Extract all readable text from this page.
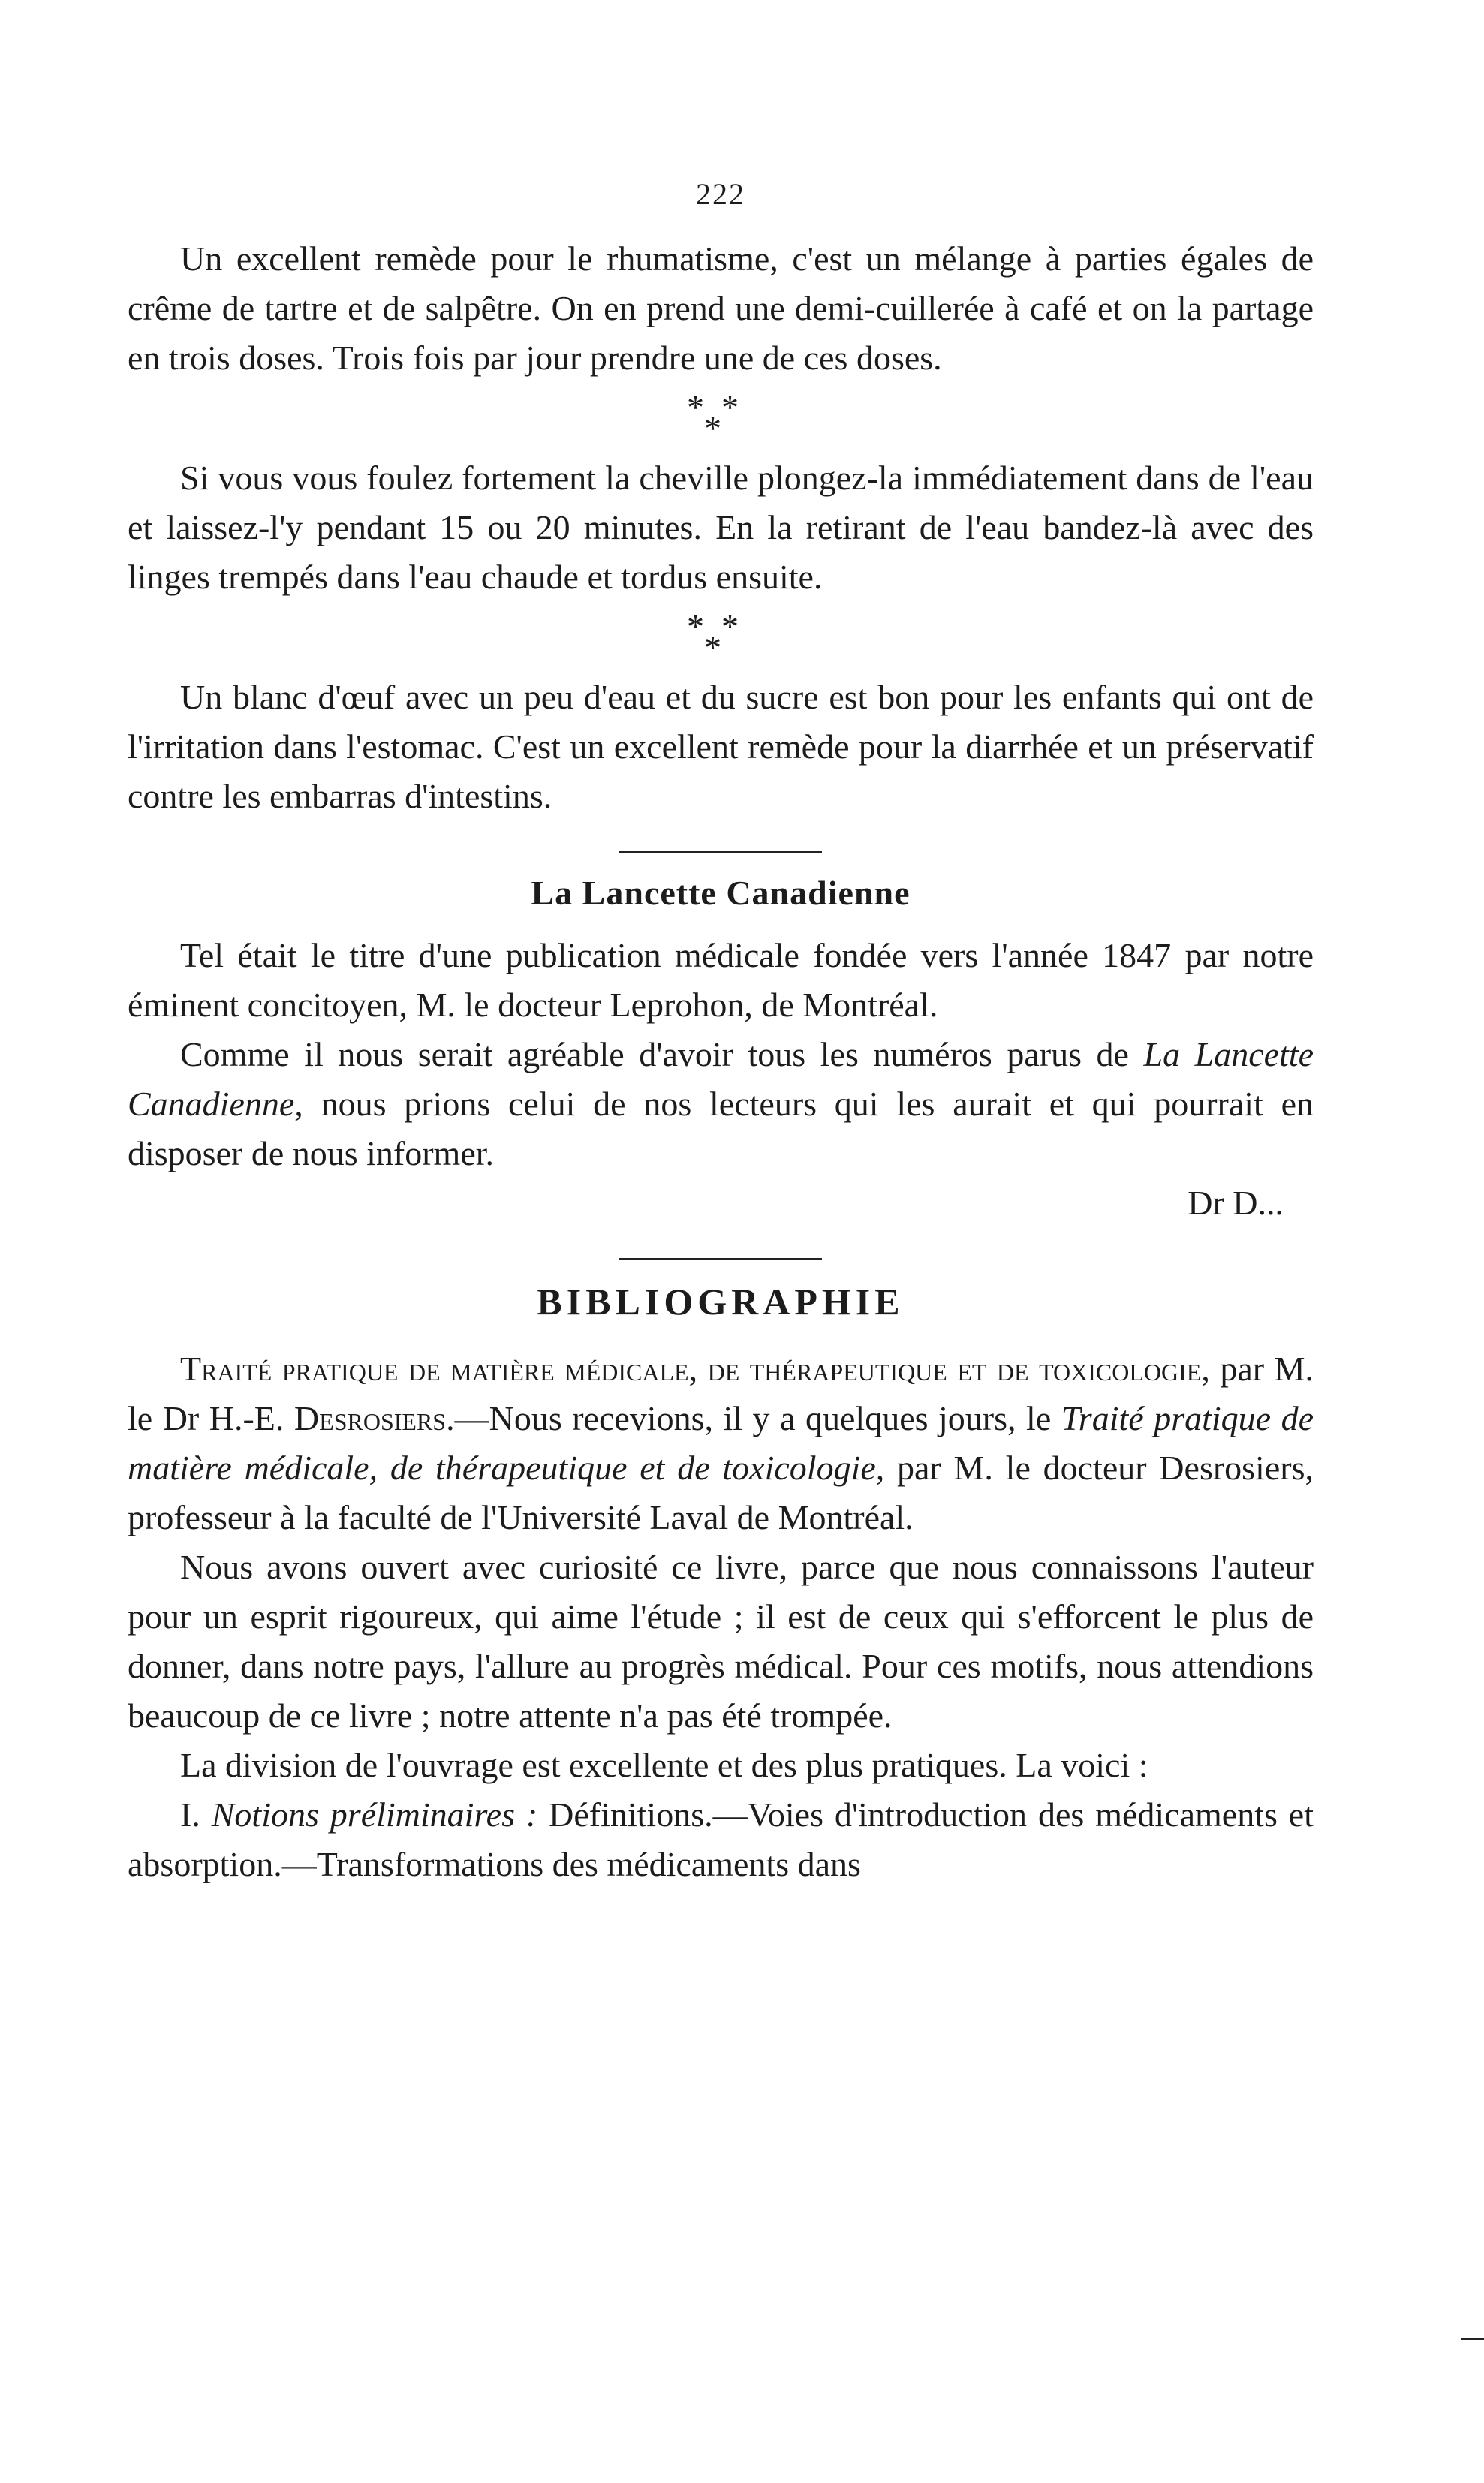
222

Un excellent remède pour le rhumatisme, c'est un mélange à parties égales de crême de tartre et de salpêtre. On en prend une demi-cuillerée à café et on la partage en trois doses. Trois fois par jour prendre une de ces doses.

* *
*

Si vous vous foulez fortement la cheville plongez-la immédiatement dans de l'eau et laissez-l'y pendant 15 ou 20 minutes. En la retirant de l'eau bandez-là avec des linges trempés dans l'eau chaude et tordus ensuite.

* *
*

Un blanc d'œuf avec un peu d'eau et du sucre est bon pour les enfants qui ont de l'irritation dans l'estomac. C'est un excellent remède pour la diarrhée et un préservatif contre les embarras d'intestins.

La Lancette Canadienne

Tel était le titre d'une publication médicale fondée vers l'année 1847 par notre éminent concitoyen, M. le docteur Leprohon, de Montréal.

Comme il nous serait agréable d'avoir tous les numéros parus de La Lancette Canadienne, nous prions celui de nos lecteurs qui les aurait et qui pourrait en disposer de nous informer.

Dr D...
BIBLIOGRAPHIE

Traité pratique de matière médicale, de thérapeutique et de toxicologie, par M. le Dr H.-E. Desrosiers.—Nous recevions, il y a quelques jours, le Traité pratique de matière médicale, de thérapeutique et de toxicologie, par M. le docteur Desrosiers, professeur à la faculté de l'Université Laval de Montréal.

Nous avons ouvert avec curiosité ce livre, parce que nous connaissons l'auteur pour un esprit rigoureux, qui aime l'étude ; il est de ceux qui s'efforcent le plus de donner, dans notre pays, l'allure au progrès médical. Pour ces motifs, nous attendions beaucoup de ce livre ; notre attente n'a pas été trompée.

La division de l'ouvrage est excellente et des plus pratiques. La voici :

I. Notions préliminaires : Définitions.—Voies d'introduction des médicaments et absorption.—Transformations des médicaments dans
